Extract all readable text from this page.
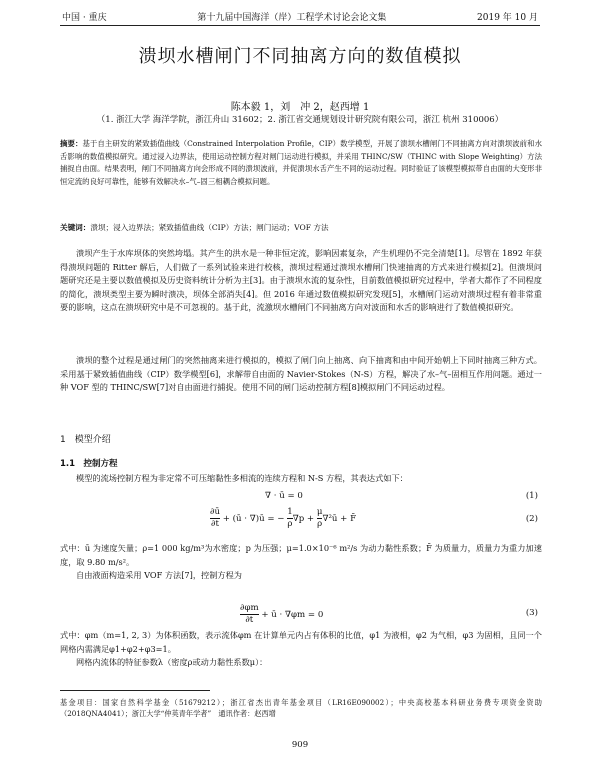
中国 · 重庆	第十九届中国海洋（岸）工程学术讨论会论文集	2019 年 10 月
溃坝水槽闸门不同抽离方向的数值模拟
陈本毅 1，刘　冲 2，赵西增 1
（1. 浙江大学 海洋学院，浙江舟山 31602；2. 浙江省交通规划设计研究院有限公司，浙江 杭州 310006）
摘要：基于自主研发的紧致插值曲线（Constrained Interpolation Profile，CIP）数学模型，开展了溃坝水槽闸门不同抽离方向对溃坝波前和水舌影响的数值模拟研究。通过浸入边界法，使用运动控制方程对闸门运动进行模拟，并采用 THINC/SW（THINC with Slope Weighting）方法捕捉自由面。结果表明，闸门不同抽离方向会形成不同的溃坝波前，并促溃坝水舌产生不同的运动过程。同时验证了该模型模拟带自由面的大变形非恒定流的良好可靠性，能够有效解决水–气–固三相耦合模拟问题。
关键词：溃坝；浸入边界法；紧致插值曲线（CIP）方法；闸门运动；VOF 方法
溃坝产生于水库坝体的突然垮塌。其产生的洪水是一种非恒定流，影响因素复杂，产生机理仍不完全清楚[1]。尽管在 1892 年获得溃坝问题的 Ritter 解后，人们做了一系列试验来进行校核，溃坝过程通过溃坝水槽闸门快速抽离的方式来进行模拟[2]。但溃坝问题研究还是主要以数值模拟及历史资料统计分析为主[3]。由于溃坝水流的复杂性，目前数值模拟研究过程中，学者大都作了不同程度的简化，溃坝类型主要为瞬时溃决，坝体全部消失[4]。但 2016 年通过数值模拟研究发现[5]，水槽闸门运动对溃坝过程有着非常重要的影响，这点在溃坝研究中是不可忽视的。基于此，流激坝水槽闸门不同抽离方向对波面和水舌的影响进行了数值模拟研究。
溃坝的整个过程是通过闸门的突然抽离来进行模拟的，模拟了闸门向上抽离、向下抽离和由中间开始朝上下同时抽离三种方式。采用基于紧致插值曲线（CIP）数学模型[6]，求解带自由面的 Navier-Stokes（N-S）方程，解决了水–气–固相互作用问题。通过一种 VOF 型的 THINC/SW[7]对自由面进行捕捉。使用不同的闸门运动控制方程[8]模拟闸门不同运动过程。
1　模型介绍
1.1　控制方程
模型的流场控制方程为非定常不可压缩黏性多相流的连续方程和 N-S 方程，其表达式如下：
∇ · ū = 0	(1)
$\frac{\partial ū}{\partial t}$ + (ū · ∇)ū = − $\frac{1}{\rho} \nabla p + \frac{\mu}{\rho}$ ∇²ū + F̄	(2)
式中：ū 为速度矢量；ρ=1 000 kg/m³为水密度；p 为压强；μ=1.0×10⁻⁶ m²/s 为动力黏性系数；F̄ 为质量力，质量力为重力加速度，取 9.80 m/s²。
自由液面构造采用 VOF 方法[7]，控制方程为
$\frac{\partial\varphi m}{\partial t}$ + ū · ∇φm = 0	(3)
式中：φm（m=1, 2, 3）为体积函数，表示流体φm 在计算单元内占有体积的比值，φ1 为液相，φ2 为气相，φ3 为固相，且同一个网格内需满足φ1+φ2+φ3=1。
网格内流体的特征参数λ（密度ρ或动力黏性系数μ）：
基金项目：国家自然科学基金（51679212）；浙江省杰出青年基金项目（LR16E090002）；中央高校基本科研业务费专项资金资助（2018QNA4041）；浙江大学“仲英青年学者”　通讯作者：赵西增
909
